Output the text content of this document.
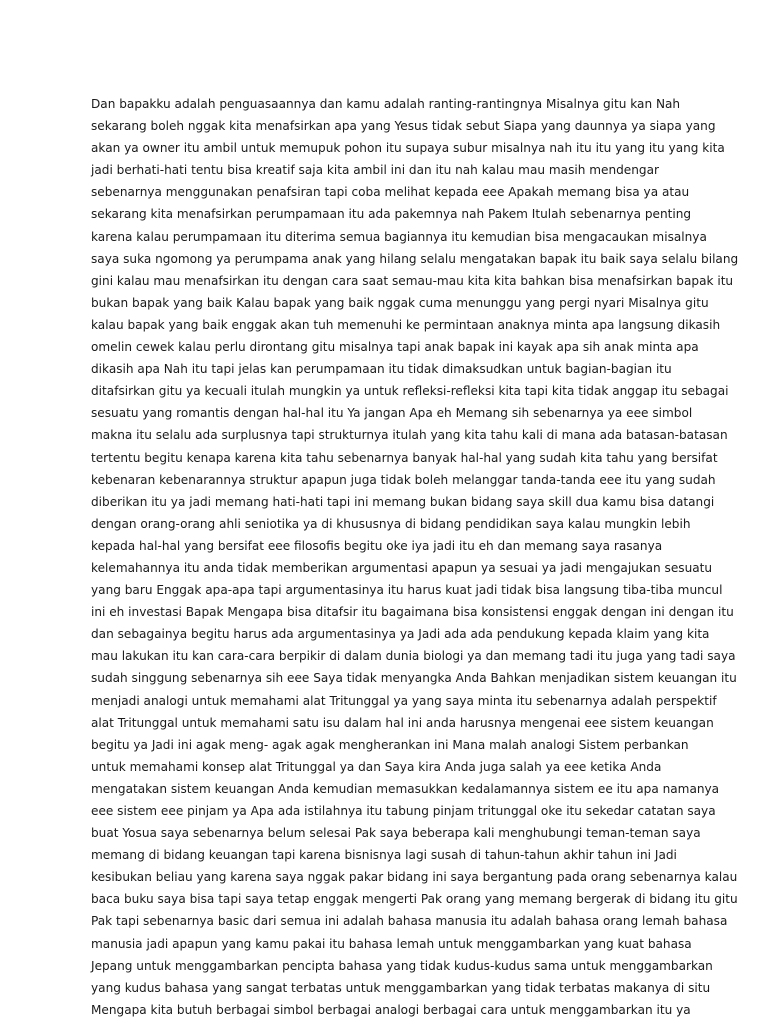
Dan bapakku adalah penguasaannya dan kamu adalah ranting-rantingnya Misalnya gitu kan Nah
sekarang boleh nggak kita menafsirkan apa yang Yesus tidak sebut Siapa yang daunnya ya siapa yang
akan ya owner itu ambil untuk memupuk pohon itu supaya subur misalnya nah itu itu yang itu yang kita
jadi berhati-hati tentu bisa kreatif saja kita ambil ini dan itu nah kalau mau masih mendengar
sebenarnya menggunakan penafsiran tapi coba melihat kepada eee Apakah memang bisa ya atau
sekarang kita menafsirkan perumpamaan itu ada pakemnya nah Pakem Itulah sebenarnya penting
karena kalau perumpamaan itu diterima semua bagiannya itu kemudian bisa mengacaukan misalnya
saya suka ngomong ya perumpama anak yang hilang selalu mengatakan bapak itu baik saya selalu bilang
gini kalau mau menafsirkan itu dengan cara saat semau-mau kita kita bahkan bisa menafsirkan bapak itu
bukan bapak yang baik Kalau bapak yang baik nggak cuma menunggu yang pergi nyari Misalnya gitu
kalau bapak yang baik enggak akan tuh memenuhi ke permintaan anaknya minta apa langsung dikasih
omelin cewek kalau perlu dirontang gitu misalnya tapi anak bapak ini kayak apa sih anak minta apa
dikasih apa Nah itu tapi jelas kan perumpamaan itu tidak dimaksudkan untuk bagian-bagian itu
ditafsirkan gitu ya kecuali itulah mungkin ya untuk refleksi-refleksi kita tapi kita tidak anggap itu sebagai
sesuatu yang romantis dengan hal-hal itu Ya jangan Apa eh Memang sih sebenarnya ya eee simbol
makna itu selalu ada surplusnya tapi strukturnya itulah yang kita tahu kali di mana ada batasan-batasan
tertentu begitu kenapa karena kita tahu sebenarnya banyak hal-hal yang sudah kita tahu yang bersifat
kebenaran kebenarannya struktur apapun juga tidak boleh melanggar tanda-tanda eee itu yang sudah
diberikan itu ya jadi memang hati-hati tapi ini memang bukan bidang saya skill dua kamu bisa datangi
dengan orang-orang ahli seniotika ya di khususnya di bidang pendidikan saya kalau mungkin lebih
kepada hal-hal yang bersifat eee filosofis begitu oke iya jadi itu eh dan memang saya rasanya
kelemahannya itu anda tidak memberikan argumentasi apapun ya sesuai ya jadi mengajukan sesuatu
yang baru Enggak apa-apa tapi argumentasinya itu harus kuat jadi tidak bisa langsung tiba-tiba muncul
ini eh investasi Bapak Mengapa bisa ditafsir itu bagaimana bisa konsistensi enggak dengan ini dengan itu
dan sebagainya begitu harus ada argumentasinya ya Jadi ada ada pendukung kepada klaim yang kita
mau lakukan itu kan cara-cara berpikir di dalam dunia biologi ya dan memang tadi itu juga yang tadi saya
sudah singgung sebenarnya sih eee Saya tidak menyangka Anda Bahkan menjadikan sistem keuangan itu
menjadi analogi untuk memahami alat Tritunggal ya yang saya minta itu sebenarnya adalah perspektif
alat Tritunggal untuk memahami satu isu dalam hal ini anda harusnya mengenai eee sistem keuangan
begitu ya Jadi ini agak meng- agak agak mengherankan ini Mana malah analogi Sistem perbankan
untuk memahami konsep alat Tritunggal ya dan Saya kira Anda juga salah ya eee ketika Anda
mengatakan sistem keuangan Anda kemudian memasukkan kedalamannya sistem ee itu apa namanya
eee sistem eee pinjam ya Apa ada istilahnya itu tabung pinjam tritunggal oke itu sekedar catatan saya
buat Yosua saya sebenarnya belum selesai Pak saya beberapa kali menghubungi teman-teman saya
memang di bidang keuangan tapi karena bisnisnya lagi susah di tahun-tahun akhir tahun ini Jadi
kesibukan beliau yang karena saya nggak pakar bidang ini saya bergantung pada orang sebenarnya kalau
baca buku saya bisa tapi saya tetap enggak mengerti Pak orang yang memang bergerak di bidang itu gitu
Pak tapi sebenarnya basic dari semua ini adalah bahasa manusia itu adalah bahasa orang lemah bahasa
manusia jadi apapun yang kamu pakai itu bahasa lemah untuk menggambarkan yang kuat bahasa
Jepang untuk menggambarkan pencipta bahasa yang tidak kudus-kudus sama untuk menggambarkan
yang kudus bahasa yang sangat terbatas untuk menggambarkan yang tidak terbatas makanya di situ
Mengapa kita butuh berbagai simbol berbagai analogi berbagai cara untuk menggambarkan itu ya
